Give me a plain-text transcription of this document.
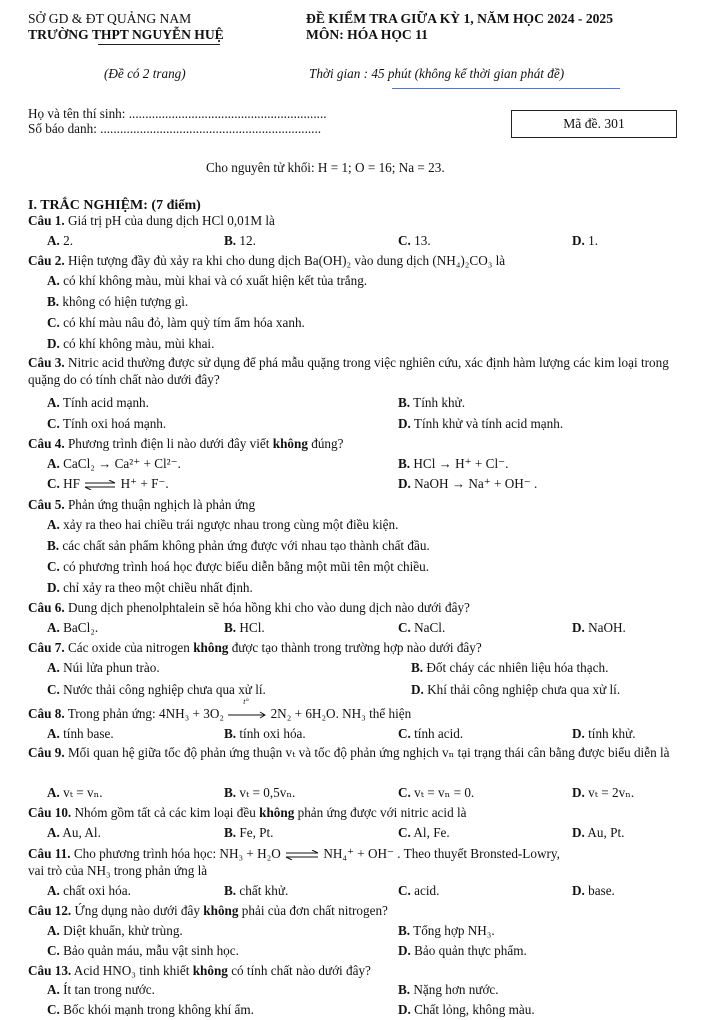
SỞ GD & ĐT QUẢNG NAM
TRƯỜNG THPT NGUYỄN HUỆ
ĐỀ KIỂM TRA GIỮA KỲ 1, NĂM HỌC 2024 - 2025
MÔN: HÓA HỌC 11
(Đề có 2 trang)	Thời gian : 45 phút (không kể thời gian phát đề)
Họ và tên thí sinh: ............................................................
Số báo danh: ...................................................................	Mã đề. 301
Cho nguyên tử khối: H = 1; O = 16; Na = 23.
I. TRẮC NGHIỆM: (7 điểm)
Câu 1. Giá trị pH của dung dịch HCl 0,01M là
A. 2.	B. 12.	C. 13.	D. 1.
Câu 2. Hiện tượng đầy đủ xảy ra khi cho dung dịch Ba(OH)₂ vào dung dịch (NH₄)₂CO₃ là
A. có khí không màu, mùi khai và có xuất hiện kết tủa trắng.
B. không có hiện tượng gì.
C. có khí màu nâu đỏ, làm quỳ tím ẩm hóa xanh.
D. có khí không màu, mùi khai.
Câu 3. Nitric acid thường được sử dụng để phá mẫu quặng trong việc nghiên cứu, xác định hàm lượng các kim loại trong quặng do có tính chất nào dưới đây?
A. Tính acid mạnh.	B. Tính khử.
C. Tính oxi hoá mạnh.	D. Tính khử và tính acid mạnh.
Câu 4. Phương trình điện li nào dưới đây viết không đúng?
A. CaCl₂ → Ca²⁺ + Cl²⁻.	B. HCl → H⁺ + Cl⁻.
C. HF ⇌ H⁺ + F⁻.	D. NaOH → Na⁺ + OH⁻ .
Câu 5. Phản ứng thuận nghịch là phản ứng
A. xảy ra theo hai chiều trái ngược nhau trong cùng một điều kiện.
B. các chất sản phẩm không phản ứng được với nhau tạo thành chất đầu.
C. có phương trình hoá học được biểu diễn bằng một mũi tên một chiều.
D. chỉ xảy ra theo một chiều nhất định.
Câu 6. Dung dịch phenolphtalein sẽ hóa hồng khi cho vào dung dịch nào dưới đây?
A. BaCl₂.	B. HCl.	C. NaCl.	D. NaOH.
Câu 7. Các oxide của nitrogen không được tạo thành trong trường hợp nào dưới đây?
A. Núi lửa phun trào.	B. Đốt cháy các nhiên liệu hóa thạch.
C. Nước thải công nghiệp chưa qua xử lí.	D. Khí thải công nghiệp chưa qua xử lí.
Câu 8. Trong phản ứng: 4NH₃ + 3O₂
t°
2N₂ + 6H₂O. NH₃ thể hiện
A. tính base.	B. tính oxi hóa.	C. tính acid.	D. tính khử.
Câu 9. Mối quan hệ giữa tốc độ phản ứng thuận vₜ và tốc độ phản ứng nghịch vₙ tại trạng thái cân bằng được biểu diễn là
A. vₜ = vₙ.	B. vₜ = 0,5vₙ.	C. vₜ = vₙ = 0.	D. vₜ = 2vₙ.
Câu 10. Nhóm gồm tất cả các kim loại đều không phản ứng được với nitric acid là
A. Au, Al.	B. Fe, Pt.	C. Al, Fe.	D. Au, Pt.
Câu 11. Cho phương trình hóa học: NH₃ + H₂O ⇌ NH₄⁺ + OH⁻ . Theo thuyết Bronsted-Lowry,
vai trò của NH₃ trong phản ứng là
A. chất oxi hóa.	B. chất khử.	C. acid.	D. base.
Câu 12. Ứng dụng nào dưới đây không phải của đơn chất nitrogen?
A. Diệt khuẩn, khử trùng.	B. Tổng hợp NH₃.
C. Bảo quản máu, mẫu vật sinh học.	D. Bảo quản thực phẩm.
Câu 13. Acid HNO₃ tinh khiết không có tính chất nào dưới đây?
A. Ít tan trong nước.	B. Nặng hơn nước.
C. Bốc khói mạnh trong không khí ẩm.	D. Chất lỏng, không màu.
